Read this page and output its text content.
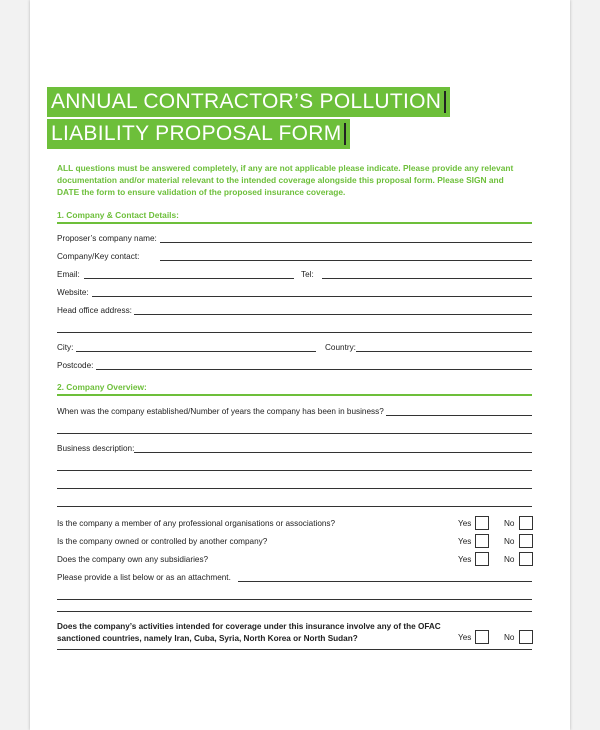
ANNUAL CONTRACTOR’S POLLUTION
LIABILITY PROPOSAL FORM
ALL questions must be answered completely, if any are not applicable please indicate. Please provide any relevant documentation and/or material relevant to the intended coverage alongside this proposal form. Please SIGN and DATE the form to ensure validation of the proposed insurance coverage.
1. Company & Contact Details:
Proposer’s company name:
Company/Key contact:
Email:	Tel:
Website:
Head office address:
City:	Country:
Postcode:
2. Company Overview:
When was the company established/Number of years the company has been in business?
Business description:
Is the company a member of any professional organisations or associations?	Yes	No
Is the company owned or controlled by another company?	Yes	No
Does the company own any subsidiaries?	Yes	No
Please provide a list below or as an attachment.
Does the company’s activities intended for coverage under this insurance involve any of the OFAC sanctioned countries, namely Iran, Cuba, Syria, North Korea or North Sudan?	Yes	No
